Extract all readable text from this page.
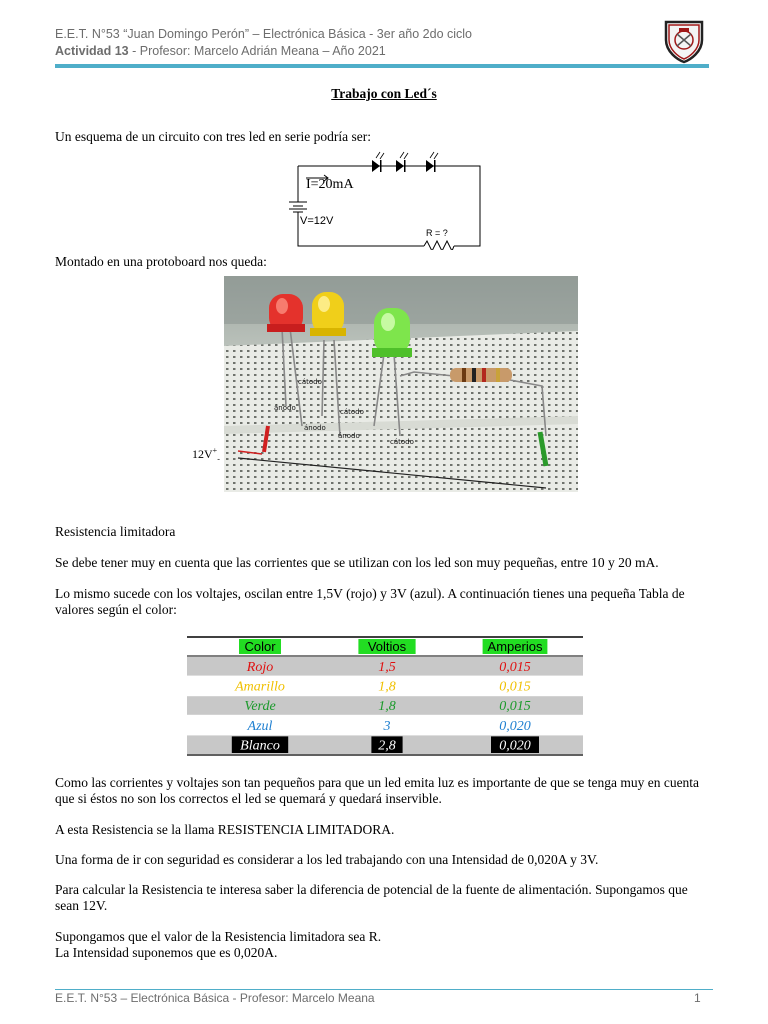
E.E.T. N°53 “Juan Domingo Perón” – Electrónica Básica - 3er año 2do ciclo
Actividad 13 - Profesor: Marcelo Adrián Meana – Año 2021
Trabajo con Led´s
Un esquema de un circuito con tres led en serie podría ser:
I=20mA
V=12V
R = ?
Montado en una protoboard nos queda:
cátodo
ánodo	cátodo
ánodo
ánodo
cátodo
$12V^+_-$
Resistencia limitadora
Se debe tener muy en cuenta que las corrientes que se utilizan con los led son muy pequeñas, entre 10 y 20 mA.
Lo mismo sucede con los voltajes, oscilan entre 1,5V (rojo) y 3V (azul). A continuación tienes una pequeña Tabla de valores según el color:
Color	Voltios	Amperios
Rojo	1,5	0,015
Amarillo	1,8	0,015
Verde	1,8	0,015
Azul	3	0,020
Blanco	2,8	0,020
Como las corrientes y voltajes son tan pequeños para que un led emita luz es importante de que se tenga muy en cuenta que si éstos no son los correctos el led se quemará y quedará inservible.
A esta Resistencia se la llama RESISTENCIA LIMITADORA.
Una forma de ir con seguridad es considerar a los led trabajando con una Intensidad de 0,020A y 3V.
Para calcular la Resistencia te interesa saber la diferencia de potencial de la fuente de alimentación. Supongamos que sean 12V.
Supongamos que el valor de la Resistencia limitadora sea R.
La Intensidad suponemos que es 0,020A.
E.E.T. N°53 – Electrónica Básica - Profesor: Marcelo Meana	1
